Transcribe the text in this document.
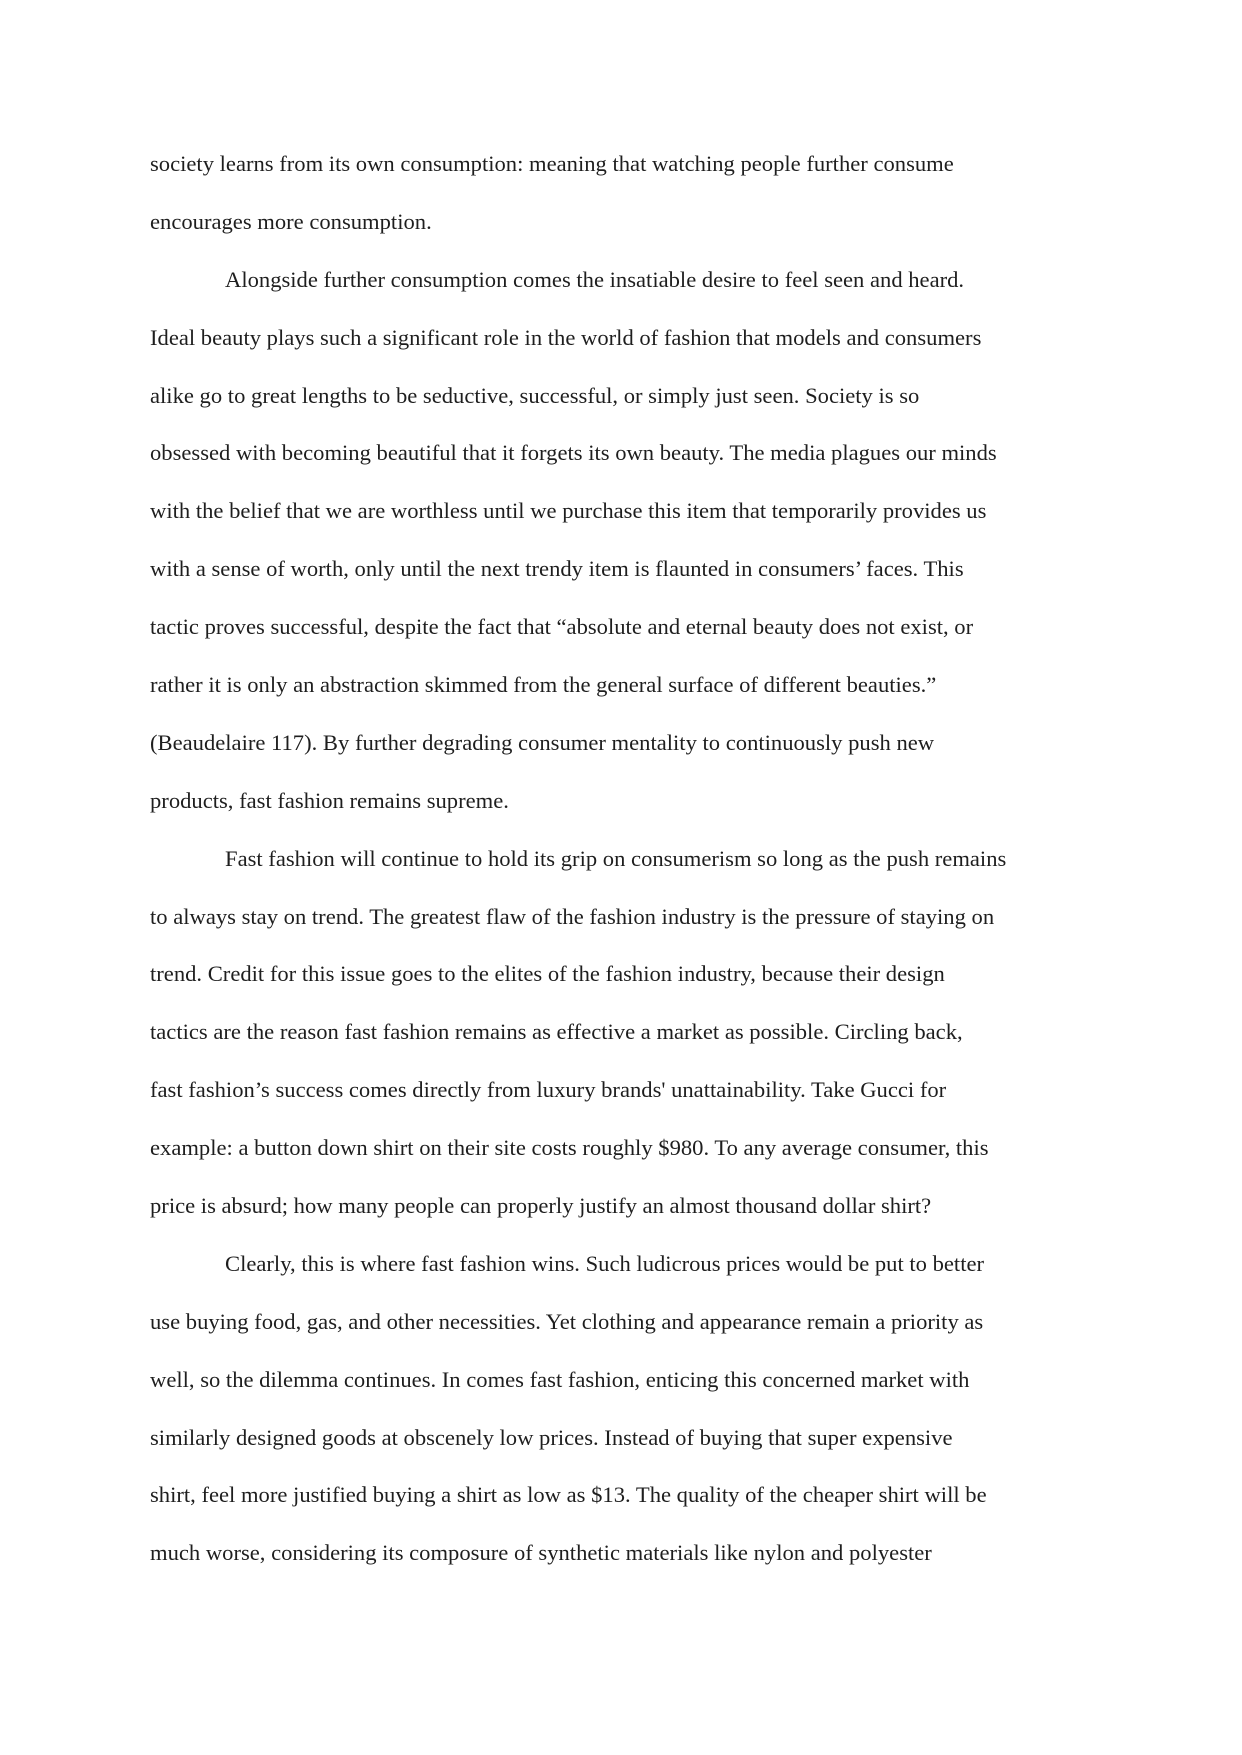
society learns from its own consumption: meaning that watching people further consume
encourages more consumption.
Alongside further consumption comes the insatiable desire to feel seen and heard.
Ideal beauty plays such a significant role in the world of fashion that models and consumers
alike go to great lengths to be seductive, successful, or simply just seen. Society is so
obsessed with becoming beautiful that it forgets its own beauty. The media plagues our minds
with the belief that we are worthless until we purchase this item that temporarily provides us
with a sense of worth, only until the next trendy item is flaunted in consumers’ faces. This
tactic proves successful, despite the fact that “absolute and eternal beauty does not exist, or
rather it is only an abstraction skimmed from the general surface of different beauties.”
(Beaudelaire 117). By further degrading consumer mentality to continuously push new
products, fast fashion remains supreme.
Fast fashion will continue to hold its grip on consumerism so long as the push remains
to always stay on trend. The greatest flaw of the fashion industry is the pressure of staying on
trend. Credit for this issue goes to the elites of the fashion industry, because their design
tactics are the reason fast fashion remains as effective a market as possible. Circling back,
fast fashion’s success comes directly from luxury brands' unattainability. Take Gucci for
example: a button down shirt on their site costs roughly $980. To any average consumer, this
price is absurd; how many people can properly justify an almost thousand dollar shirt?
Clearly, this is where fast fashion wins. Such ludicrous prices would be put to better
use buying food, gas, and other necessities. Yet clothing and appearance remain a priority as
well, so the dilemma continues. In comes fast fashion, enticing this concerned market with
similarly designed goods at obscenely low prices. Instead of buying that super expensive
shirt, feel more justified buying a shirt as low as $13. The quality of the cheaper shirt will be
much worse, considering its composure of synthetic materials like nylon and polyester
